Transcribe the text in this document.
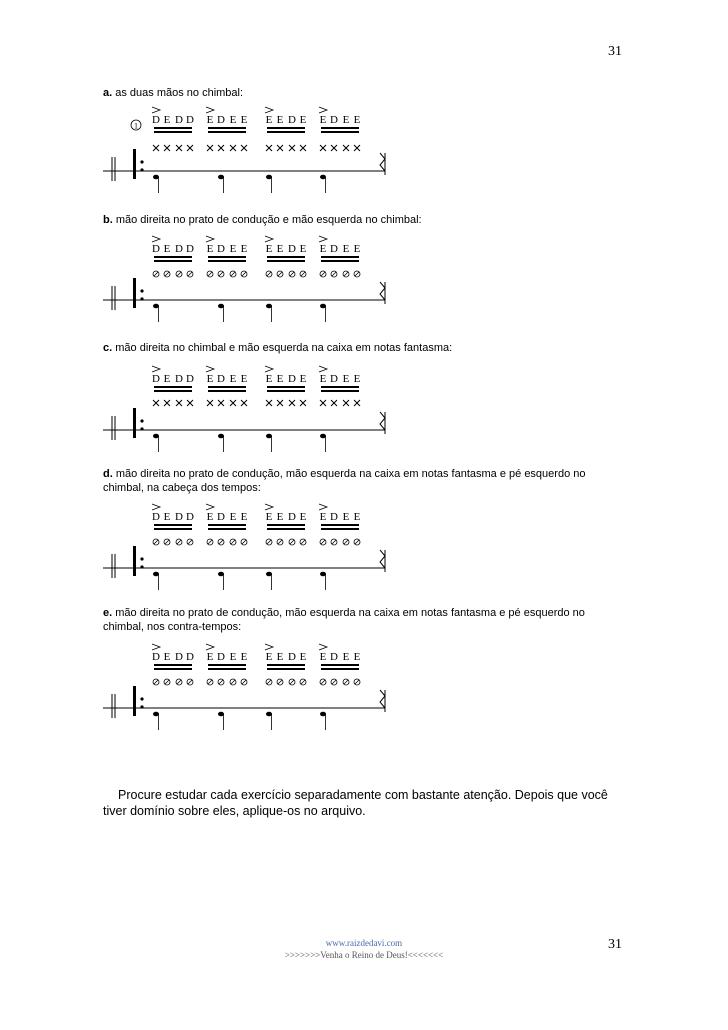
31
a. as duas mãos no chimbal:
1 D E D D E D E E E E D E E D E E
b. mão direita no prato de condução e mão esquerda no chimbal:
D E D D E D E E E E D E E D E E
c. mão direita no chimbal e mão esquerda na caixa em notas fantasma:
D E D D E D E E E E D E E D E E
d. mão direita no prato de condução, mão esquerda na caixa em notas fantasma e pé esquerdo no chimbal, na cabeça dos tempos:
D E D D E D E E E E D E E D E E
e. mão direita no prato de condução, mão esquerda na caixa em notas fantasma e pé esquerdo no chimbal, nos contra-tempos:
D E D D E D E E E E D E E D E E
Procure estudar cada exercício separadamente com bastante atenção. Depois que você tiver domínio sobre eles, aplique-os no arquivo.
www.raizdedavi.com
>>>>>>>Venha o Reino de Deus!<<<<<<<
31
